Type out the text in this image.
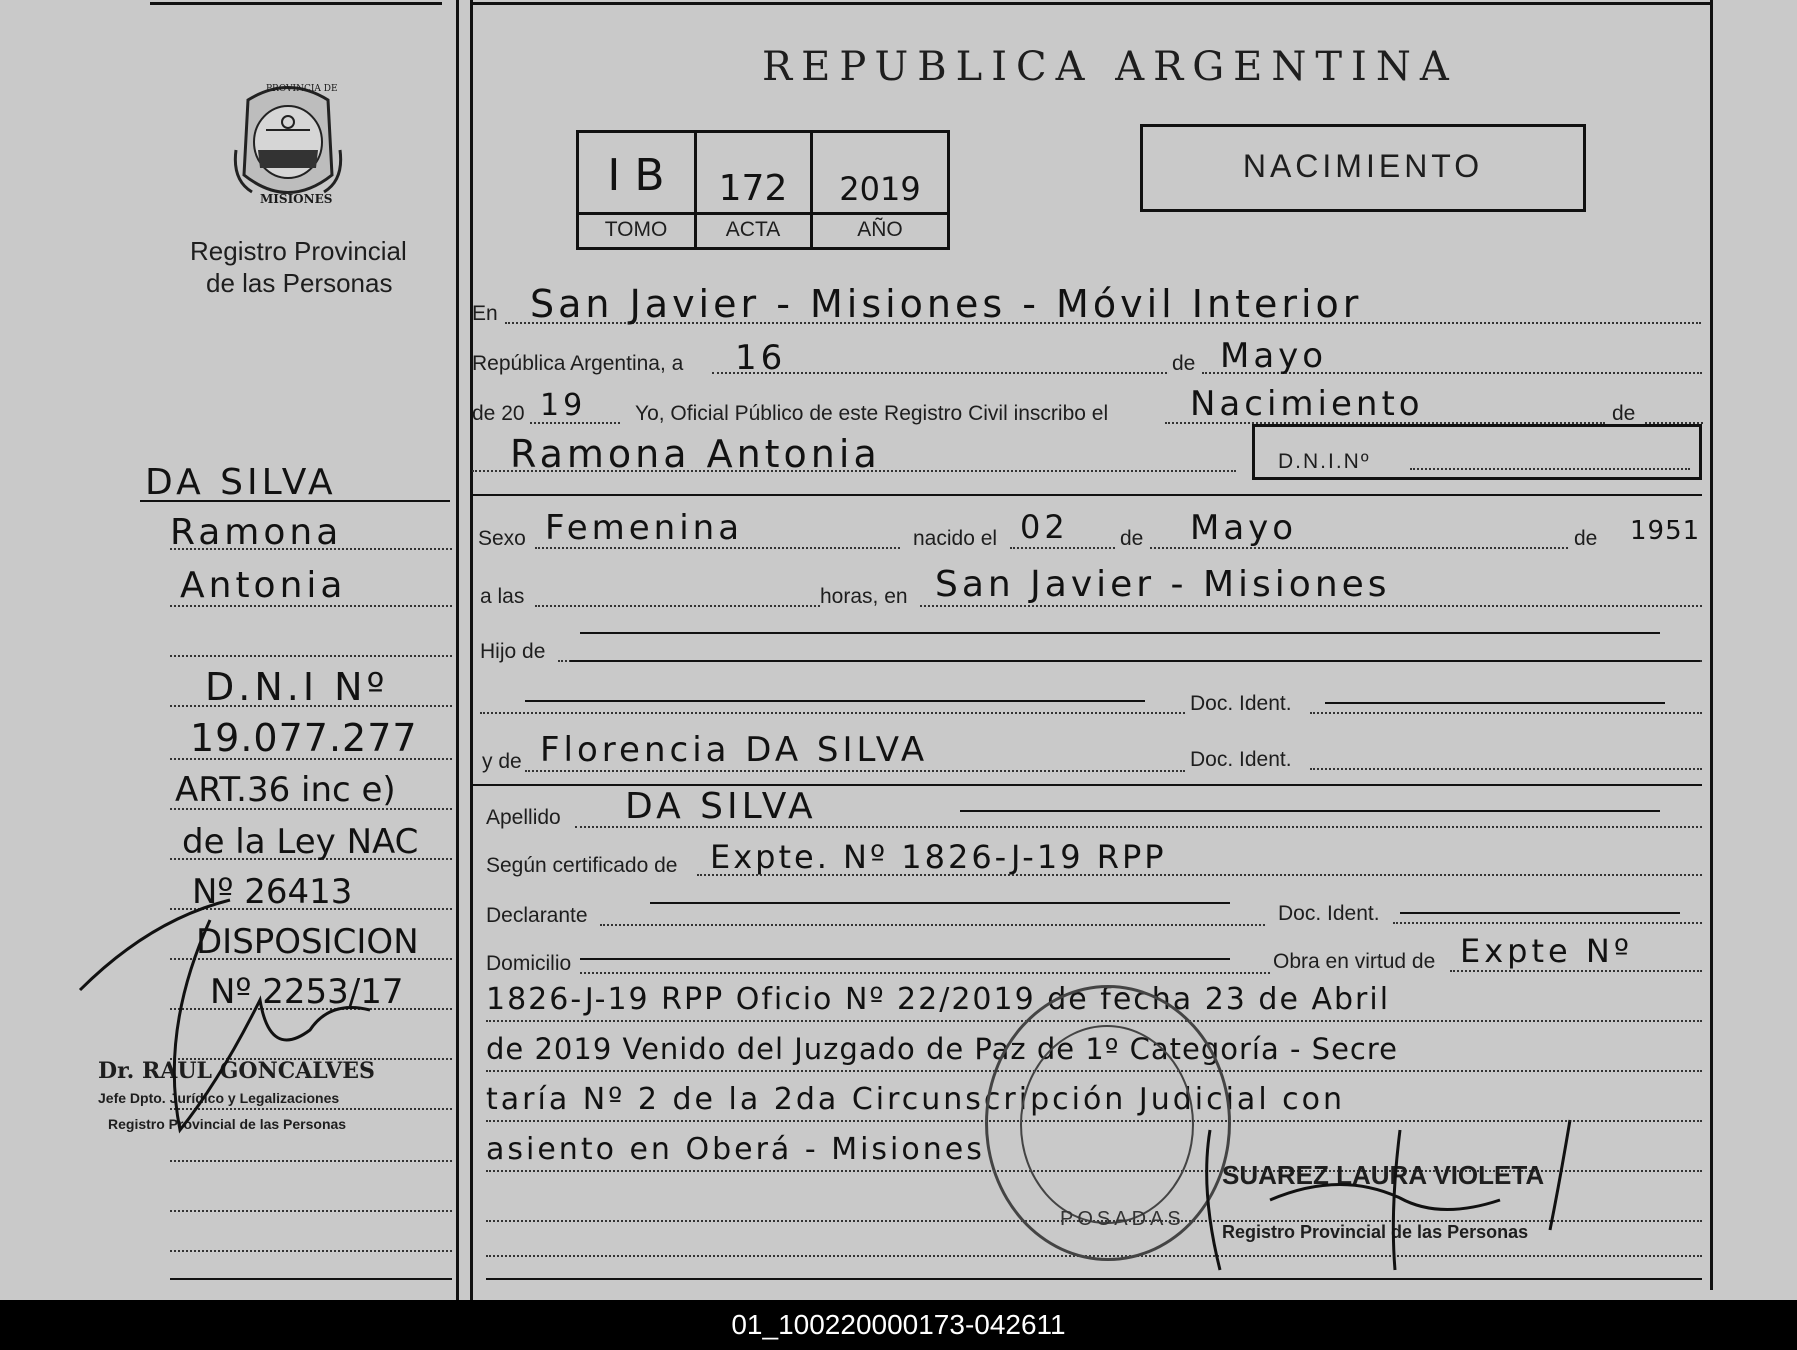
PROVINCIA DE
MISIONES
Registro Provincial
de las Personas
DA SILVA
Ramona
Antonia
D.N.I Nº
19.077.277
ART.36 inc e)
de la Ley NAC
Nº 26413
DISPOSICION
Nº 2253/17
Dr. RAUL GONCALVES
Jefe Dpto. Jurídico y Legalizaciones
Registro Provincial de las Personas
REPUBLICA ARGENTINA
I B	172	2019
TOMO	ACTA	AÑO
NACIMIENTO
En San Javier - Misiones - Móvil Interior
República Argentina, a 16	de Mayo
de 20 19 Yo, Oficial Público de este Registro Civil inscribo el Nacimiento	de
Ramona Antonia	D.N.I.Nº
Sexo Femenina	nacido el 02 de Mayo	de 1951
a las	horas, en San Javier - Misiones
Hijo de
Doc. Ident.
y de Florencia DA SILVA	Doc. Ident.
Apellido DA SILVA
Según certificado de Expte. Nº 1826-J-19 RPP
Declarante	Doc. Ident.
Domicilio	Obra en virtud de Expte Nº
1826-J-19 RPP Oficio Nº 22/2019 de fecha 23 de Abril
de 2019 Venido del Juzgado de Paz de 1º Categoría - Secre
taría Nº 2 de la 2da Circunscripción Judicial con
asiento en Oberá - Misiones
POSADAS
SUAREZ LAURA VIOLETA
Registro Provincial de las Personas
01_100220000173-042611
